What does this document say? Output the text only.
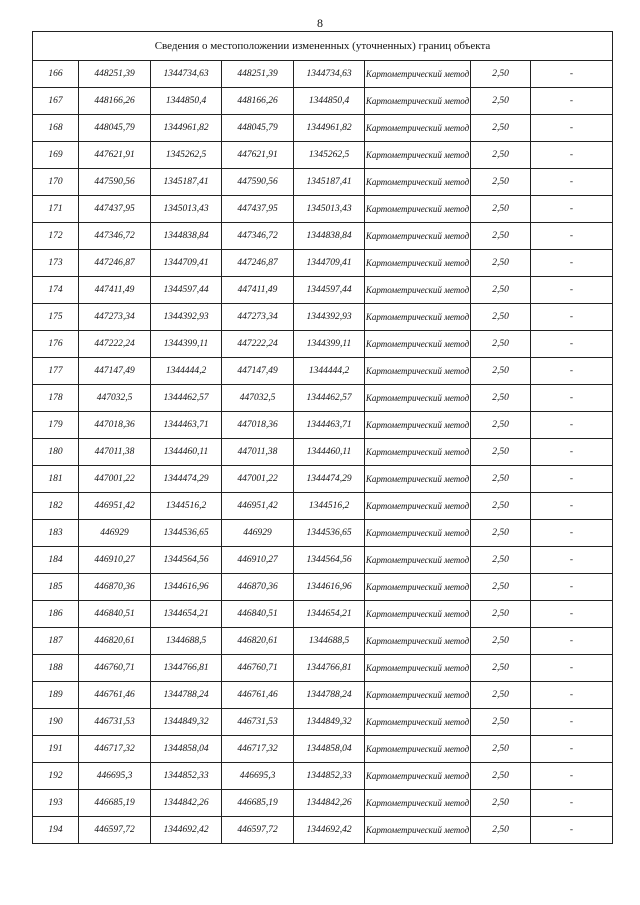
8
Сведения о местоположении измененных (уточненных) границ объекта							
166	448251,39	1344734,63	448251,39	1344734,63	Картометрический метод	2,50	-
167	448166,26	1344850,4	448166,26	1344850,4	Картометрический метод	2,50	-
168	448045,79	1344961,82	448045,79	1344961,82	Картометрический метод	2,50	-
169	447621,91	1345262,5	447621,91	1345262,5	Картометрический метод	2,50	-
170	447590,56	1345187,41	447590,56	1345187,41	Картометрический метод	2,50	-
171	447437,95	1345013,43	447437,95	1345013,43	Картометрический метод	2,50	-
172	447346,72	1344838,84	447346,72	1344838,84	Картометрический метод	2,50	-
173	447246,87	1344709,41	447246,87	1344709,41	Картометрический метод	2,50	-
174	447411,49	1344597,44	447411,49	1344597,44	Картометрический метод	2,50	-
175	447273,34	1344392,93	447273,34	1344392,93	Картометрический метод	2,50	-
176	447222,24	1344399,11	447222,24	1344399,11	Картометрический метод	2,50	-
177	447147,49	1344444,2	447147,49	1344444,2	Картометрический метод	2,50	-
178	447032,5	1344462,57	447032,5	1344462,57	Картометрический метод	2,50	-
179	447018,36	1344463,71	447018,36	1344463,71	Картометрический метод	2,50	-
180	447011,38	1344460,11	447011,38	1344460,11	Картометрический метод	2,50	-
181	447001,22	1344474,29	447001,22	1344474,29	Картометрический метод	2,50	-
182	446951,42	1344516,2	446951,42	1344516,2	Картометрический метод	2,50	-
183	446929	1344536,65	446929	1344536,65	Картометрический метод	2,50	-
184	446910,27	1344564,56	446910,27	1344564,56	Картометрический метод	2,50	-
185	446870,36	1344616,96	446870,36	1344616,96	Картометрический метод	2,50	-
186	446840,51	1344654,21	446840,51	1344654,21	Картометрический метод	2,50	-
187	446820,61	1344688,5	446820,61	1344688,5	Картометрический метод	2,50	-
188	446760,71	1344766,81	446760,71	1344766,81	Картометрический метод	2,50	-
189	446761,46	1344788,24	446761,46	1344788,24	Картометрический метод	2,50	-
190	446731,53	1344849,32	446731,53	1344849,32	Картометрический метод	2,50	-
191	446717,32	1344858,04	446717,32	1344858,04	Картометрический метод	2,50	-
192	446695,3	1344852,33	446695,3	1344852,33	Картометрический метод	2,50	-
193	446685,19	1344842,26	446685,19	1344842,26	Картометрический метод	2,50	-
194	446597,72	1344692,42	446597,72	1344692,42	Картометрический метод	2,50	-
